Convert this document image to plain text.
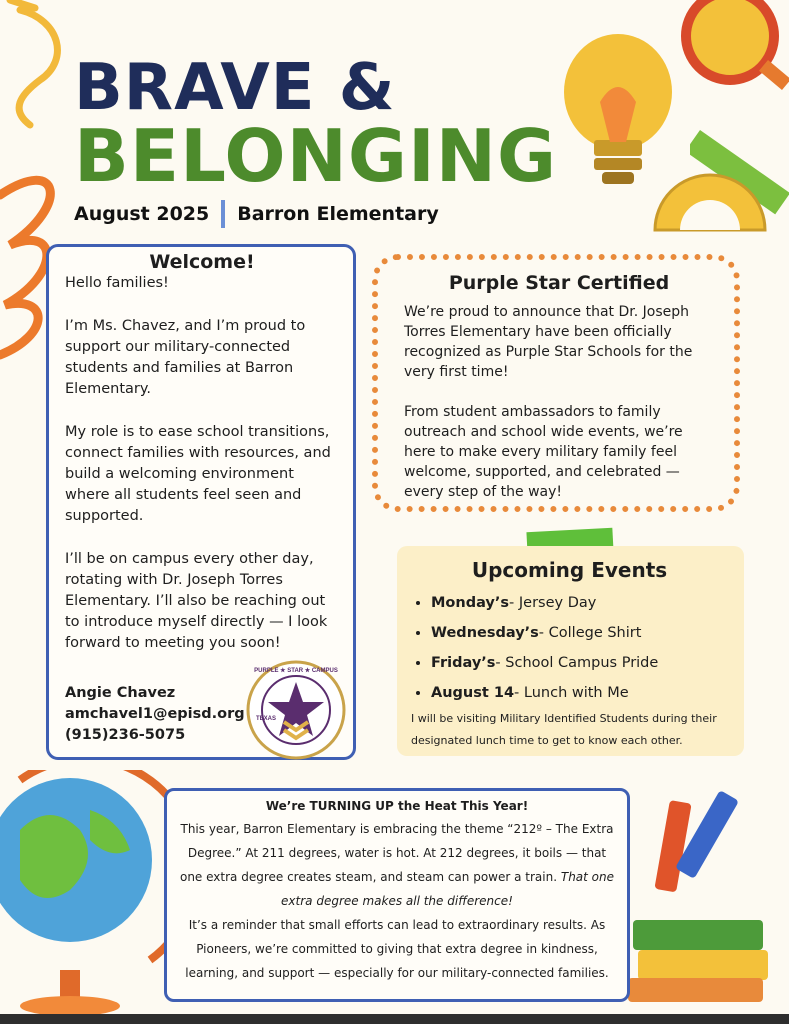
BRAVE &
BELONGING
August 2025 Barron Elementary
Welcome!

Hello families!

I’m Ms. Chavez, and I’m proud to support our military-connected students and families at Barron Elementary.

My role is to ease school transitions, connect families with resources, and build a welcoming environment where all students feel seen and supported.

I’ll be on campus every other day, rotating with Dr. Joseph Torres Elementary. I’ll also be reaching out to introduce myself directly — I look forward to meeting you soon!

Angie Chavez
amchavel1@episd.org
(915)236-5075
PURPLE ★ STAR ★ CAMPUS
TEXAS
Purple Star Certified

We’re proud to announce that Dr. Joseph Torres Elementary have been officially recognized as Purple Star Schools for the very first time!

From student ambassadors to family outreach and school wide events, we’re here to make every military family feel welcome, supported, and celebrated — every step of the way!

Upcoming Events
• Monday’s- Jersey Day
• Wednesday’s- College Shirt
• Friday’s- School Campus Pride
• August 14- Lunch with Me
I will be visiting Military Identified Students during their designated lunch time to get to know each other.
We’re TURNING UP the Heat This Year!

This year, Barron Elementary is embracing the theme “212º – The Extra Degree.” At 211 degrees, water is hot. At 212 degrees, it boils — that one extra degree creates steam, and steam can power a train. That one extra degree makes all the difference!

It’s a reminder that small efforts can lead to extraordinary results. As Pioneers, we’re committed to giving that extra degree in kindness, learning, and support — especially for our military-connected families.
